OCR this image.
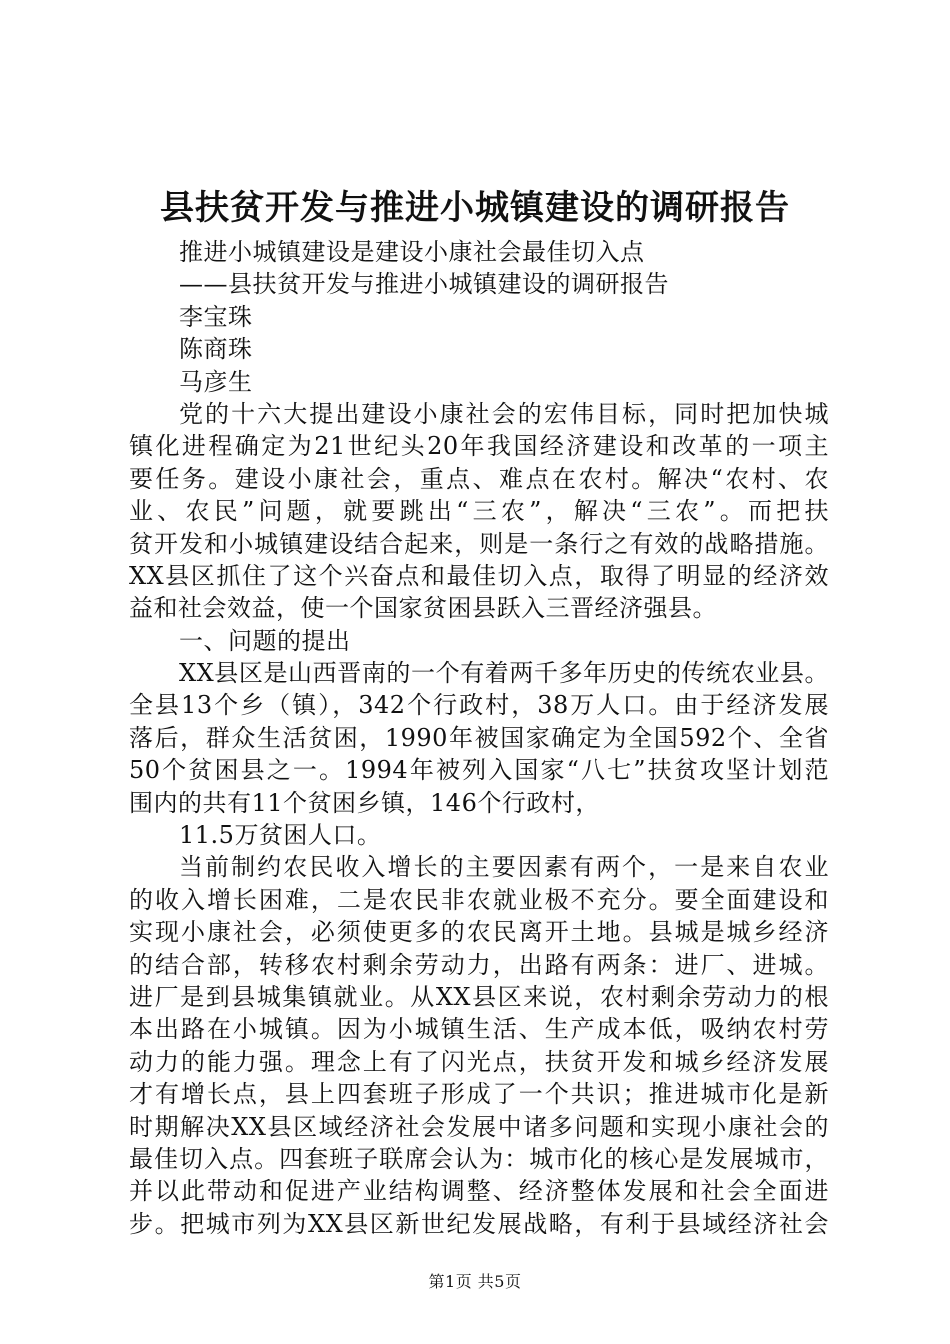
县扶贫开发与推进小城镇建设的调研报告
推进小城镇建设是建设小康社会最佳切入点
——县扶贫开发与推进小城镇建设的调研报告
李宝珠
陈商珠
马彦生
党的十六大提出建设小康社会的宏伟目标，同时把加快城
镇化进程确定为21世纪头20年我国经济建设和改革的一项主
要任务。建设小康社会，重点、难点在农村。解决“农村、农
业、农民”问题，就要跳出“三农”，解决“三农”。而把扶
贫开发和小城镇建设结合起来，则是一条行之有效的战略措施。
XX县区抓住了这个兴奋点和最佳切入点，取得了明显的经济效
益和社会效益，使一个国家贫困县跃入三晋经济强县。
一、问题的提出
XX县区是山西晋南的一个有着两千多年历史的传统农业县。
全县13个乡（镇），342个行政村，38万人口。由于经济发展
落后，群众生活贫困，1990年被国家确定为全国592个、全省
50个贫困县之一。1994年被列入国家“八七”扶贫攻坚计划范
围内的共有11个贫困乡镇，146个行政村，
11.5万贫困人口。
当前制约农民收入增长的主要因素有两个，一是来自农业
的收入增长困难，二是农民非农就业极不充分。要全面建设和
实现小康社会，必须使更多的农民离开土地。县城是城乡经济
的结合部，转移农村剩余劳动力，出路有两条：进厂、进城。
进厂是到县城集镇就业。从XX县区来说，农村剩余劳动力的根
本出路在小城镇。因为小城镇生活、生产成本低，吸纳农村劳
动力的能力强。理念上有了闪光点，扶贫开发和城乡经济发展
才有增长点，县上四套班子形成了一个共识；推进城市化是新
时期解决XX县区域经济社会发展中诸多问题和实现小康社会的
最佳切入点。四套班子联席会认为：城市化的核心是发展城市，
并以此带动和促进产业结构调整、经济整体发展和社会全面进
步。把城市列为XX县区新世纪发展战略，有利于县域经济社会
第1页 共5页
